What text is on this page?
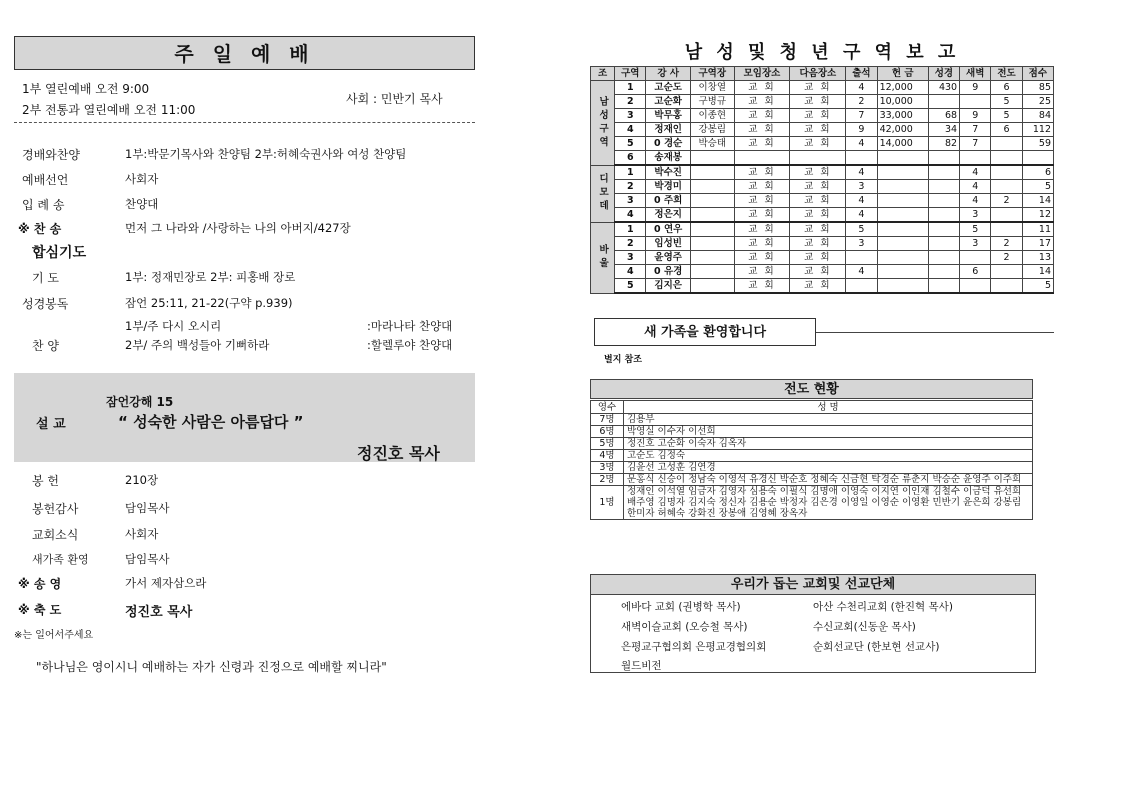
주 일 예 배
1부 열린예배 오전 9:00
2부 전통과 열린예배 오전 11:00
사회 : 민반기 목사
경배와찬양	1부:박문기목사와 찬양팀 2부:허혜숙권사와 여성 찬양팀
예배선언	사회자
입 례 송	찬양대
※ 찬 송	먼저 그 나라와 /사랑하는 나의 아버지/427장
합심기도
기 도	1부: 정재민장로 2부: 피홍배 장로
성경봉독	잠언 25:11, 21-22(구약 p.939)
1부/주 다시 오시리	:마라나타 찬양대
찬 양	2부/ 주의 백성들아 기뻐하라	:할렐루야 찬양대
잠언강해 15
설 교	“ 성숙한 사람은 아름답다 ”
정진호 목사
봉 헌	210장
봉헌감사	담임목사
교회소식	사회자
새가족 환영	담임목사
※ 송 영	가서 제자삼으라
※ 축 도	정진호 목사
※는 일어서주세요
"하나님은 영이시니 예배하는 자가 신령과 진정으로 예배할 찌니라"
남 성 및 청 년 구 역 보 고
조	구역	강 사	구역장	모임장소	다음장소	출석	헌 금	성경	새벽	전도	점수
남성구역	1	고순도	이창열	교 회	교 회	4	12,000	430	9	6	85
	2	고순화	구병규	교 회	교 회	2	10,000			5	25
	3	박무홍	이종현	교 회	교 회	7	33,000	68	9	5	84
	4	정재인	강봉림	교 회	교 회	9	42,000	34	7	6	112
	5	0 경순	박승태	교 회	교 회	4	14,000	82	7		59
	6	송재봉									
디모데	1	박수진		교 회	교 회	4			4		6
	2	박경미		교 회	교 회	3			4		5
	3	0 주희		교 회	교 회	4			4	2	14
	4	정은지		교 회	교 회	4			3		12
바울	1	0 연우		교 회	교 회	5			5		11
	2	임성빈		교 회	교 회	3			3	2	17
	3	윤영주		교 회	교 회					2	13
	4	0 유경		교 회	교 회	4			6		14
	5	김지은		교 회	교 회						5
새 가족을 환영합니다
별지 참조
전도 현황
영수	성 명
7명	김용부
6명	박영실 이수자 이선희
5명	정진호 고순화 이숙자 김옥자
4명	고순도 김정숙
3명	김윤선 고성훈 김연경
2명	문홍식 신승이 정남숙 이영석 유경신 박순호 정혜숙 신금현 탁경순 류춘지 박승순 윤영주 이주희
1명	정재인 이석열 임금자 김영자 심용숙 이필식 김명애 이영숙 이지연 이인재 김철수 이금덕 유선희 배주영 김명자 김지숙 정신자 김용순 박정자 김은경 이영일 이영순 이영환 민반기 윤은희 강봉림 한미자 허혜숙 강화진 장봉애 김영혜 장옥자
우리가 돕는 교회및 선교단체
에바다 교회 (권병학 목사)	아산 수천리교회 (한진혁 목사)
새벽이슬교회 (오승철 목사)	수신교회(신동운 목사)
은평교구협의회 은평교경협의회	순회선교단 (한보현 선교사)
월드비전
